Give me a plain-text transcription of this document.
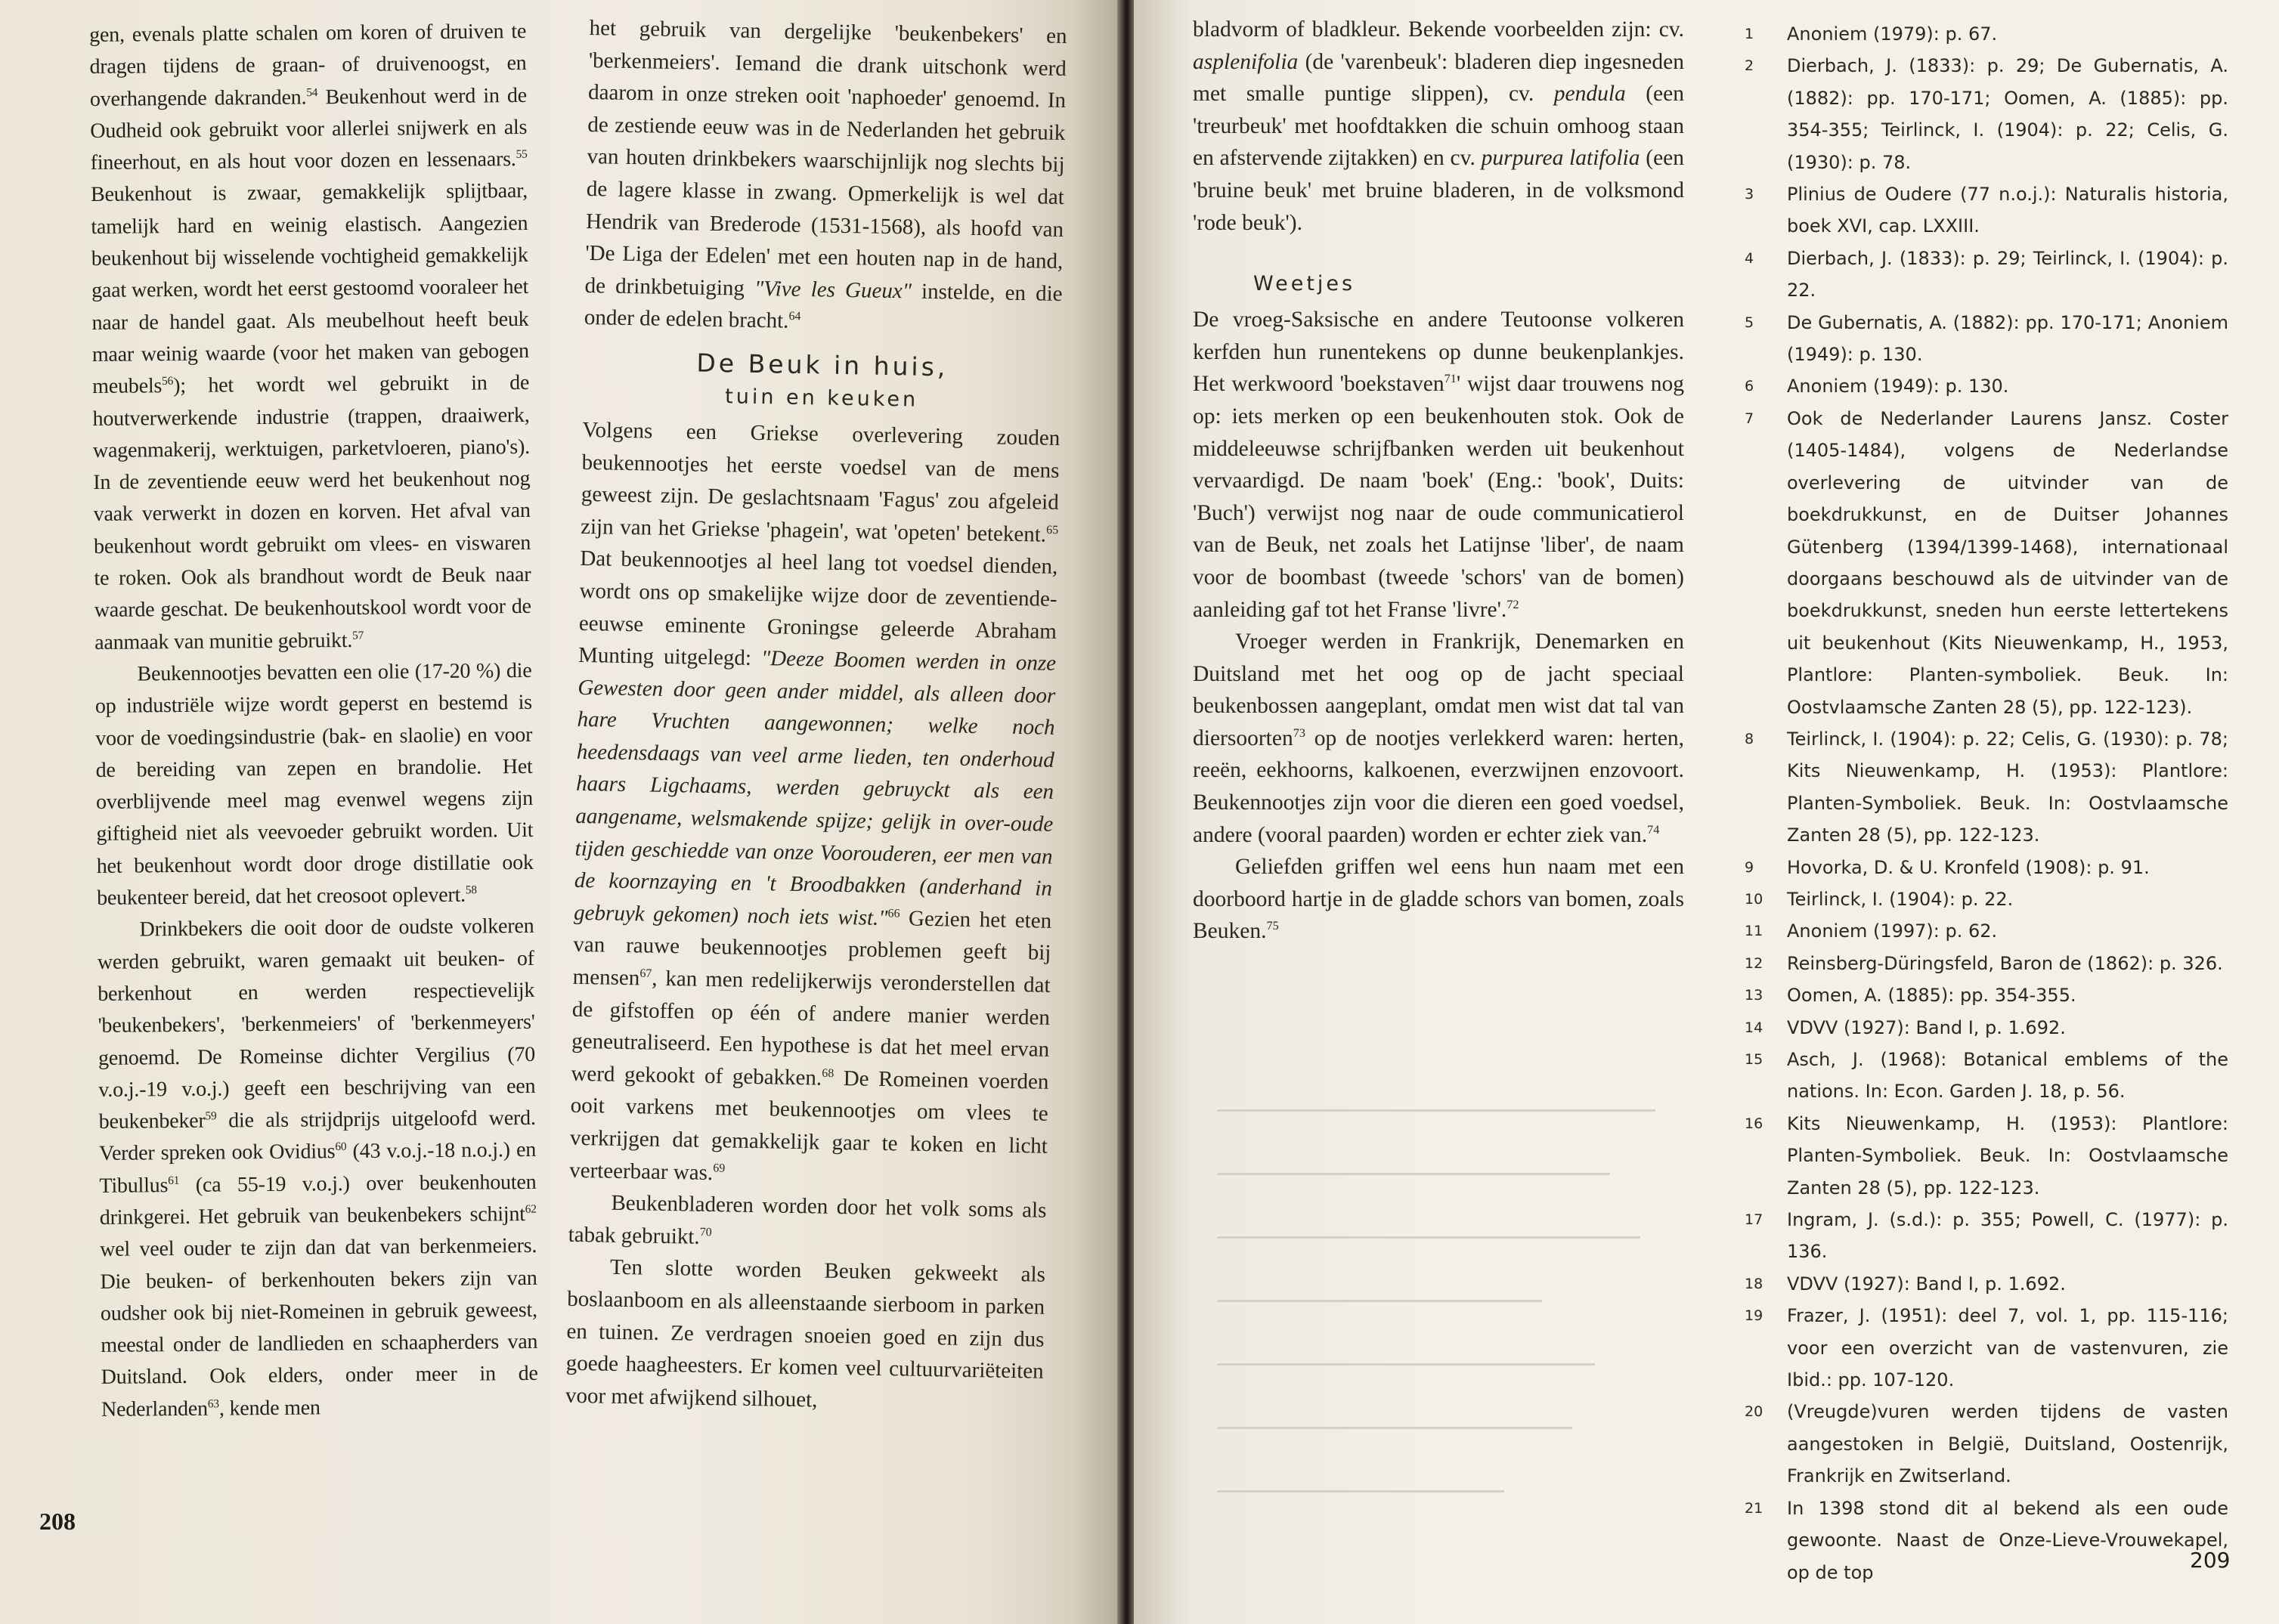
gen, evenals platte schalen om koren of druiven te dragen tijdens de graan- of druivenoogst, en overhangende dakranden.$^{54}$ Beukenhout werd in de Oudheid ook gebruikt voor allerlei snijwerk en als fineerhout, en als hout voor dozen en lessenaars.$^{55}$ Beukenhout is zwaar, gemakkelijk splijtbaar, tamelijk hard en weinig elastisch. Aangezien beukenhout bij wisselende vochtigheid gemakkelijk gaat werken, wordt het eerst gestoomd vooraleer het naar de handel gaat. Als meubelhout heeft beuk maar weinig waarde (voor het maken van gebogen meubels$^{56}$); het wordt wel gebruikt in de houtverwerkende industrie (trappen, draaiwerk, wagenmakerij, werktuigen, parketvloeren, piano's). In de zeventiende eeuw werd het beukenhout nog vaak verwerkt in dozen en korven. Het afval van beukenhout wordt gebruikt om vlees- en viswaren te roken. Ook als brandhout wordt de Beuk naar waarde geschat. De beukenhoutskool wordt voor de aanmaak van munitie gebruikt.$^{57}$

Beukennootjes bevatten een olie (17-20 %) die op industriële wijze wordt geperst en bestemd is voor de voedingsindustrie (bak- en slaolie) en voor de bereiding van zepen en brandolie. Het overblijvende meel mag evenwel wegens zijn giftigheid niet als veevoeder gebruikt worden. Uit het beukenhout wordt door droge distillatie ook beukenteer bereid, dat het creosoot oplevert.$^{58}$

Drinkbekers die ooit door de oudste volkeren werden gebruikt, waren gemaakt uit beuken- of berkenhout en werden respectievelijk 'beukenbekers', 'berkenmeiers' of 'berkenmeyers' genoemd. De Romeinse dichter Vergilius (70 v.o.j.-19 v.o.j.) geeft een beschrijving van een beukenbeker$^{59}$ die als strijdprijs uitgeloofd werd. Verder spreken ook Ovidius$^{60}$ (43 v.o.j.-18 n.o.j.) en Tibullus$^{61}$ (ca 55-19 v.o.j.) over beukenhouten drinkgerei. Het gebruik van beukenbekers schijnt$^{62}$ wel veel ouder te zijn dan dat van berkenmeiers. Die beuken- of berkenhouten bekers zijn van oudsher ook bij niet-Romeinen in gebruik geweest, meestal onder de landlieden en schaapherders van Duitsland. Ook elders, onder meer in de Nederlanden$^{63}$, kende men

het gebruik van dergelijke 'beukenbekers' en 'berkenmeiers'. Iemand die drank uitschonk werd daarom in onze streken ooit 'naphoeder' genoemd. In de zestiende eeuw was in de Nederlanden het gebruik van houten drinkbekers waarschijnlijk nog slechts bij de lagere klasse in zwang. Opmerkelijk is wel dat Hendrik van Brederode (1531-1568), als hoofd van 'De Liga der Edelen' met een houten nap in de hand, de drinkbetuiging "Vive les Gueux" instelde, en die onder de edelen bracht.$^{64}$

De Beuk in huis,
tuin en keuken

Volgens een Griekse overlevering zouden beukennootjes het eerste voedsel van de mens geweest zijn. De geslachtsnaam 'Fagus' zou afgeleid zijn van het Griekse 'phagein', wat 'opeten' betekent.$^{65}$ Dat beukennootjes al heel lang tot voedsel dienden, wordt ons op smakelijke wijze door de zeventiende-eeuwse eminente Groningse geleerde Abraham Munting uitgelegd: "Deeze Boomen werden in onze Gewesten door geen ander middel, als alleen door hare Vruchten aangewonnen; welke noch heedensdaags van veel arme lieden, ten onderhoud haars Ligchaams, werden gebruyckt als een aangename, welsmakende spijze; gelijk in over-oude tijden geschiedde van onze Voorouderen, eer men van de koornzaying en 't Broodbakken (anderhand in gebruyk gekomen) noch iets wist."$^{66}$ Gezien het eten van rauwe beukennootjes problemen geeft bij mensen$^{67}$, kan men redelijkerwijs veronderstellen dat de gifstoffen op één of andere manier werden geneutraliseerd. Een hypothese is dat het meel ervan werd gekookt of gebakken.$^{68}$ De Romeinen voerden ooit varkens met beukennootjes om vlees te verkrijgen dat gemakkelijk gaar te koken en licht verteerbaar was.$^{69}$

Beukenbladeren worden door het volk soms als tabak gebruikt.$^{70}$

Ten slotte worden Beuken gekweekt als boslaanboom en als alleenstaande sierboom in parken en tuinen. Ze verdragen snoeien goed en zijn dus goede haagheesters. Er komen veel cultuurvariëteiten voor met afwijkend silhouet,

208

bladvorm of bladkleur. Bekende voorbeelden zijn: cv. asplenifolia (de 'varenbeuk': bladeren diep ingesneden met smalle puntige slippen), cv. pendula (een 'treurbeuk' met hoofdtakken die schuin omhoog staan en afstervende zijtakken) en cv. purpurea latifolia (een 'bruine beuk' met bruine bladeren, in de volksmond 'rode beuk').

Weetjes

De vroeg-Saksische en andere Teutoonse volkeren kerfden hun runentekens op dunne beukenplankjes. Het werkwoord 'boekstaven$^{71}$' wijst daar trouwens nog op: iets merken op een beukenhouten stok. Ook de middeleeuwse schrijfbanken werden uit beukenhout vervaardigd. De naam 'boek' (Eng.: 'book', Duits: 'Buch') verwijst nog naar de oude communicatierol van de Beuk, net zoals het Latijnse 'liber', de naam voor de boombast (tweede 'schors' van de bomen) aanleiding gaf tot het Franse 'livre'.$^{72}$

Vroeger werden in Frankrijk, Denemarken en Duitsland met het oog op de jacht speciaal beukenbossen aangeplant, omdat men wist dat tal van diersoorten$^{73}$ op de nootjes verlekkerd waren: herten, reeën, eekhoorns, kalkoenen, everzwijnen enzovoort. Beukennootjes zijn voor die dieren een goed voedsel, andere (vooral paarden) worden er echter ziek van.$^{74}$

Geliefden griffen wel eens hun naam met een doorboord hartje in de gladde schors van bomen, zoals Beuken.$^{75}$

1	Anoniem (1979): p. 67.
2	Dierbach, J. (1833): p. 29; De Gubernatis, A. (1882): pp. 170-171; Oomen, A. (1885): pp. 354-355; Teirlinck, I. (1904): p. 22; Celis, G. (1930): p. 78.
3	Plinius de Oudere (77 n.o.j.): Naturalis historia, boek XVI, cap. LXXIII.
4	Dierbach, J. (1833): p. 29; Teirlinck, I. (1904): p. 22.
5	De Gubernatis, A. (1882): pp. 170-171; Anoniem (1949): p. 130.
6	Anoniem (1949): p. 130.
7	Ook de Nederlander Laurens Jansz. Coster (1405-1484), volgens de Nederlandse overlevering de uitvinder van de boekdrukkunst, en de Duitser Johannes Gütenberg (1394/1399-1468), internationaal doorgaans beschouwd als de uitvinder van de boekdrukkunst, sneden hun eerste lettertekens uit beukenhout (Kits Nieuwenkamp, H., 1953, Plantlore: Planten-symboliek. Beuk. In: Oostvlaamsche Zanten 28 (5), pp. 122-123).
8	Teirlinck, I. (1904): p. 22; Celis, G. (1930): p. 78; Kits Nieuwenkamp, H. (1953): Plantlore: Planten-Symboliek. Beuk. In: Oostvlaamsche Zanten 28 (5), pp. 122-123.
9	Hovorka, D. & U. Kronfeld (1908): p. 91.
10	Teirlinck, I. (1904): p. 22.
11	Anoniem (1997): p. 62.
12	Reinsberg-Düringsfeld, Baron de (1862): p. 326.
13	Oomen, A. (1885): pp. 354-355.
14	VDVV (1927): Band I, p. 1.692.
15	Asch, J. (1968): Botanical emblems of the nations. In: Econ. Garden J. 18, p. 56.
16	Kits Nieuwenkamp, H. (1953): Plantlore: Planten-Symboliek. Beuk. In: Oostvlaamsche Zanten 28 (5), pp. 122-123.
17	Ingram, J. (s.d.): p. 355; Powell, C. (1977): p. 136.
18	VDVV (1927): Band I, p. 1.692.
19	Frazer, J. (1951): deel 7, vol. 1, pp. 115-116; voor een overzicht van de vastenvuren, zie Ibid.: pp. 107-120.
20	(Vreugde)vuren werden tijdens de vasten aangestoken in België, Duitsland, Oostenrijk, Frankrijk en Zwitserland.
21	In 1398 stond dit al bekend als een oude gewoonte. Naast de Onze-Lieve-Vrouwekapel, op de top	209
